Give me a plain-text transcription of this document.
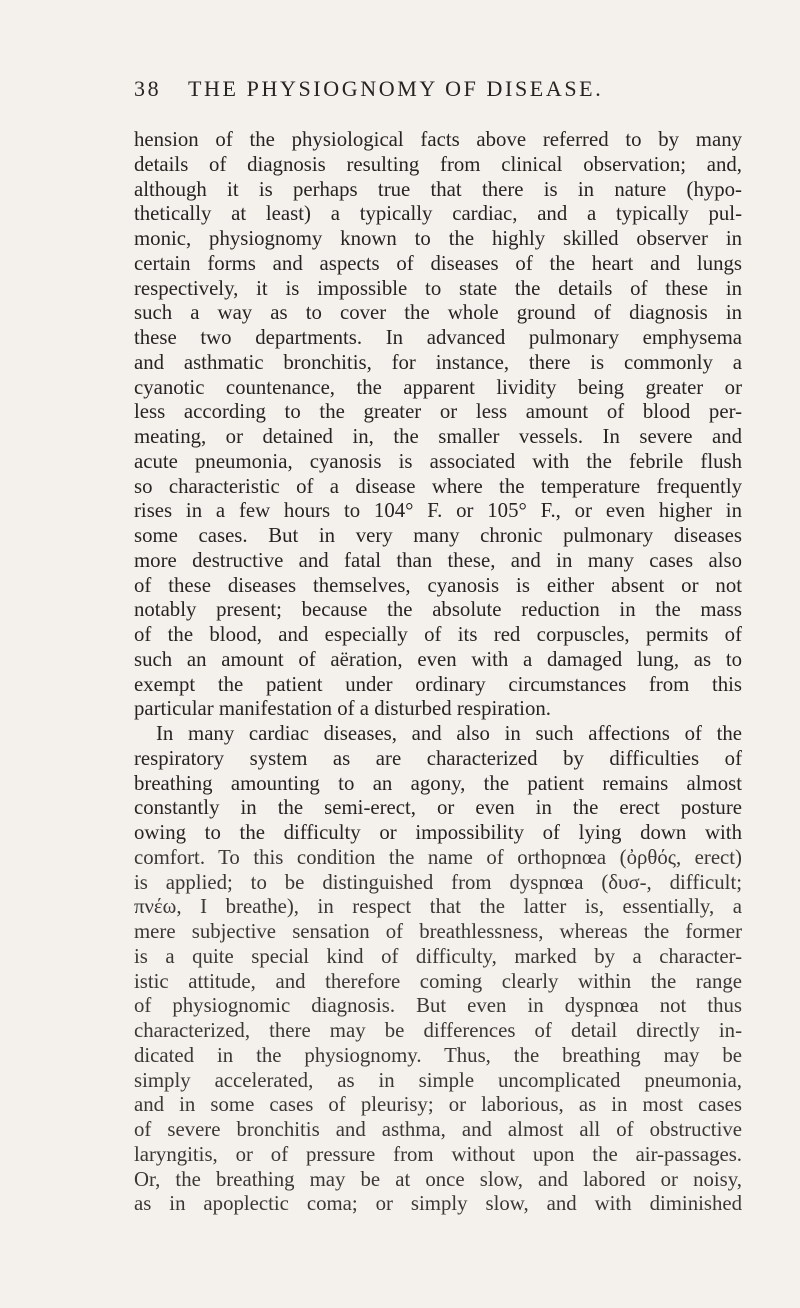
38 THE PHYSIOGNOMY OF DISEASE.
hension of the physiological facts above referred to by many
details of diagnosis resulting from clinical observation; and,
although it is perhaps true that there is in nature (hypo-
thetically at least) a typically cardiac, and a typically pul-
monic, physiognomy known to the highly skilled observer in
certain forms and aspects of diseases of the heart and lungs
respectively, it is impossible to state the details of these in
such a way as to cover the whole ground of diagnosis in
these two departments. In advanced pulmonary emphysema
and asthmatic bronchitis, for instance, there is commonly a
cyanotic countenance, the apparent lividity being greater or
less according to the greater or less amount of blood per-
meating, or detained in, the smaller vessels. In severe and
acute pneumonia, cyanosis is associated with the febrile flush
so characteristic of a disease where the temperature frequently
rises in a few hours to 104° F. or 105° F., or even higher in
some cases. But in very many chronic pulmonary diseases
more destructive and fatal than these, and in many cases also
of these diseases themselves, cyanosis is either absent or not
notably present; because the absolute reduction in the mass
of the blood, and especially of its red corpuscles, permits of
such an amount of aëration, even with a damaged lung, as to
exempt the patient under ordinary circumstances from this
particular manifestation of a disturbed respiration.
In many cardiac diseases, and also in such affections of the
respiratory system as are characterized by difficulties of
breathing amounting to an agony, the patient remains almost
constantly in the semi-erect, or even in the erect posture
owing to the difficulty or impossibility of lying down with
comfort. To this condition the name of orthopnœa (ὀρθός, erect)
is applied; to be distinguished from dyspnœa (δυσ-, difficult;
πνέω, I breathe), in respect that the latter is, essentially, a
mere subjective sensation of breathlessness, whereas the former
is a quite special kind of difficulty, marked by a character-
istic attitude, and therefore coming clearly within the range
of physiognomic diagnosis. But even in dyspnœa not thus
characterized, there may be differences of detail directly in-
dicated in the physiognomy. Thus, the breathing may be
simply accelerated, as in simple uncomplicated pneumonia,
and in some cases of pleurisy; or laborious, as in most cases
of severe bronchitis and asthma, and almost all of obstructive
laryngitis, or of pressure from without upon the air-passages.
Or, the breathing may be at once slow, and labored or noisy,
as in apoplectic coma; or simply slow, and with diminished
